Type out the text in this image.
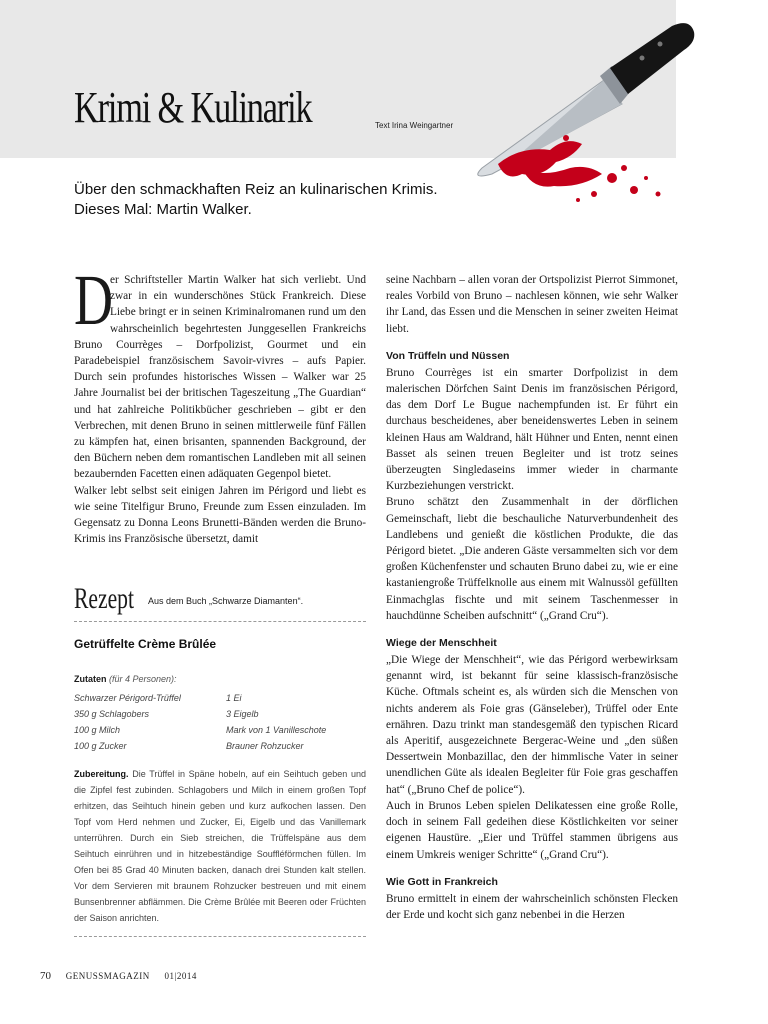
Krimi & Kulinarik	Text Irina Weingartner
Über den schmackhaften Reiz an kulinarischen Krimis.
Dieses Mal: Martin Walker.
D

er Schriftsteller Martin Walker hat sich verliebt. Und zwar in ein wunderschönes Stück Frankreich. Diese Liebe bringt er in seinen Kriminalromanen rund um den wahrscheinlich begehrtesten Junggesellen Frankreichs Bruno Courrèges – Dorfpolizist, Gourmet und ein Paradebeispiel französischem Savoir-vivres – aufs Papier. Durch sein profundes historisches Wissen – Walker war 25 Jahre Journalist bei der britischen Tageszeitung „The Guardian“ und hat zahlreiche Politikbücher geschrieben – gibt er den Verbrechen, mit denen Bruno in seinen mittlerweile fünf Fällen zu kämpfen hat, einen brisanten, spannenden Background, der den Büchern neben dem romantischen Landleben mit all seinen bezaubernden Facetten einen adäquaten Gegenpol bietet.

Walker lebt selbst seit einigen Jahren im Périgord und liebt es wie seine Titelfigur Bruno, Freunde zum Essen einzuladen. Im Gegensatz zu Donna Leons Brunetti-Bänden werden die Bruno-Krimis ins Französische übersetzt, damit

Rezept $^{Aus dem Buch „Schwarze Diamanten“.}$
Getrüffelte Crème Brûlée
Zutaten (für 4 Personen):
Schwarzer Périgord-Trüffel	1 Ei
350 g Schlagobers	3 Eigelb
100 g Milch	Mark von 1 Vanilleschote
100 g Zucker	Brauner Rohzucker
Zubereitung. Die Trüffel in Späne hobeln, auf ein Seihtuch geben und die Zipfel fest zubinden. Schlagobers und Milch in einem großen Topf erhitzen, das Seihtuch hinein geben und kurz aufkochen lassen. Den Topf vom Herd nehmen und Zucker, Ei, Eigelb und das Vanillemark unterrühren. Durch ein Sieb streichen, die Trüffelspäne aus dem Seihtuch einrühren und in hitzebeständige Souffléförmchen füllen. Im Ofen bei 85 Grad 40 Minuten backen, danach drei Stunden kalt stellen. Vor dem Servieren mit braunem Rohzucker bestreuen und mit einem Bunsenbrenner abflämmen. Die Crème Brûlée mit Beeren oder Früchten der Saison anrichten.

seine Nachbarn – allen voran der Ortspolizist Pierrot Simmonet, reales Vorbild von Bruno – nachlesen können, wie sehr Walker ihr Land, das Essen und die Menschen in seiner zweiten Heimat liebt.

Von Trüffeln und Nüssen

Bruno Courrèges ist ein smarter Dorfpolizist in dem malerischen Dörfchen Saint Denis im französischen Périgord, das dem Dorf Le Bugue nachempfunden ist. Er führt ein durchaus bescheidenes, aber beneidenswertes Leben in seinem kleinen Haus am Waldrand, hält Hühner und Enten, nennt einen Basset als seinen treuen Begleiter und ist trotz seines überzeugten Singledaseins immer wieder in charmante Kurzbeziehungen verstrickt.

Bruno schätzt den Zusammenhalt in der dörflichen Gemeinschaft, liebt die beschauliche Naturverbundenheit des Landlebens und genießt die köstlichen Produkte, die das Périgord bietet. „Die anderen Gäste versammelten sich vor dem großen Küchenfenster und schauten Bruno dabei zu, wie er eine kastaniengroße Trüffelknolle aus einem mit Walnussöl gefüllten Einmachglas fischte und mit seinem Taschenmesser in hauchdünne Scheiben aufschnitt“ („Grand Cru“).

Wiege der Menschheit

„Die Wiege der Menschheit“, wie das Périgord werbewirksam genannt wird, ist bekannt für seine klassisch-französische Küche. Oftmals scheint es, als würden sich die Menschen von nichts anderem als Foie gras (Gänseleber), Trüffel oder Ente ernähren. Dazu trinkt man standesgemäß den typischen Ricard als Aperitif, ausgezeichnete Bergerac-Weine und „den süßen Dessertwein Monbazillac, den der himmlische Vater in seiner unendlichen Güte als idealen Begleiter für Foie gras geschaffen hat“ („Bruno Chef de police“).

Auch in Brunos Leben spielen Delikatessen eine große Rolle, doch in seinem Fall gedeihen diese Köstlichkeiten vor seiner eigenen Haustüre. „Eier und Trüffel stammen übrigens aus einem Umkreis weniger Schritte“ („Grand Cru“).

Wie Gott in Frankreich

Bruno ermittelt in einem der wahrscheinlich schönsten Flecken der Erde und kocht sich ganz nebenbei in die Herzen

70 GENUSSMAGAZIN 01|2014
